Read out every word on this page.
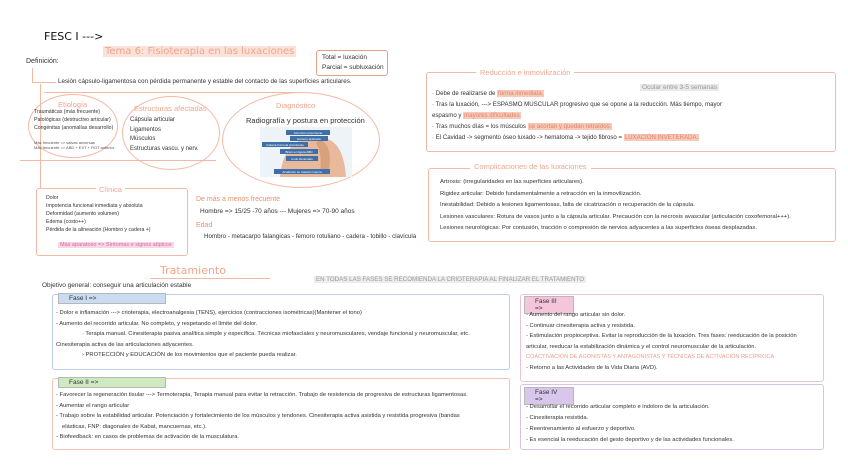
FESC I --->
Tema 6: Fisioterapia en las luxaciones
Total = luxación
Parcial = subluxación
Definición:
Lesión cápsulo-ligamentosa con pérdida permanente y estable del contacto de las superficies articulares.
Etiología
Traumáticas (más frecuente)
Patológicas (destructivo articular)
Congénitas (anomalías desarrollo)
Más frecuente => salvas anversas
Más frecuente => ABD + EXT + ROT anterior
Estructuras afectadas
Cápsula articular
Ligamentos
Músculos
Estructuras vascu. y nerv.
Diagnóstico
Radiografía y postura en protección
Acromion prominente
Húmero aplanado
Cabeza humeral prominente
Brazo en ligera ABD
Codo flexionado
Antebrazo en rotación interna
Clínica
Dolor
Impotencia funcional inmediata y absoluta
Deformidad (aumento volumen)
Edema (costo++)
Pérdida de la alineación (Hombro y cadera +)
Más aparatoso => Síntomas e signos atípicos
De más a menos frecuente
Hombre => 15/25 -70 años --- Mujeres => 70-90 años
Edad
Hombro - metacarpo falangicas - femoro rotuliano - cadera - tobillo - clavícula
Reducción e inmovilización
Ocular entre 3-5 semanas
· Debe de realizarse de forma inmediata.
· Tras la luxación, ---> ESPASMO MUSCULAR progresivo que se opone a la reducción. Más tiempo, mayor
espasmo y mayores dificultades
· Tras muchos días = los músculos se acortan y quedan retraídos.
· El Cavidad -> segmento óseo luxado -> hematoma -> tejido fibroso = LUXACIÓN INVETERADA.
Complicaciones de las luxaciones
Artrosis: (irregularidades en las superficies articulares).
Rigidez articular: Debido fundamentalmente a retracción en la inmovilización.
Inestabilidad: Debido a lesiones ligamentosas, falta de cicatrización o recuperación de la cápsula.
Lesiones vasculares: Rotura de vasos junto a la cápsula articular. Precaución con la necrosis avascular (articulación coxofemoral+++).
Lesiones neurológicas: Por contusión, tracción o compresión de nervios adyacentes a las superficies óseas desplazadas.
Tratamiento
Objetivo general: conseguir una articulación estable
EN TODAS LAS FASES SE RECOMIENDA LA CRIOTERAPIA AL FINALIZAR EL TRATAMIENTO
Fase I =>
- Dolor e inflamación ---> crioterapia, electroanalgesia (TENS), ejercicios (contracciones isométricas)(Mantener el tono)
- Aumento del recorrido articular. No completo, y respetando el límite del dolor.
· Terapia manual. Cinesiterapia pasiva analítica simple y específica. Técnicas miofasciales y neuromusculares, vendaje funcional y neuromuscular, etc.
Cinesiterapia activa de las articulaciones adyacentes.
› PROTECCIÓN y EDUCACIÓN de los movimientos que el paciente pueda realizar.
Fase II =>
- Favorecer la regeneración tisular ---> Termoterapia, Terapia manual para evitar la retracción. Trabajo de resistencia de progresiva de estructuras ligamentosas.
- Aumentar el rango articular
- Trabajo sobre la estabilidad articular. Potenciación y fortalecimiento de los músculos y tendones. Cinesiterapia activa asistida y resistida progresiva (bandas
elásticas, FNP: diagonales de Kabat, mancuernas, etc.).
- Biofeedback: en casos de problemas de activación de la musculatura.
Fase III =>
- Aumento del rango articular sin dolor.
- Continuar cinesiterapia activa y resistida.
- Estimulación propioceptiva. Evitar la reproducción de la luxación. Tres fases: reeducación de la posición
articular, reeducar la estabilización dinámica y el control neuromuscular de la articulación.
COACTIVACIÓN DE AGONISTAS Y ANTAGONISTAS Y TÉCNICAS DE ACTIVACIÓN RECÍPROCA
- Retorno a las Actividades de la Vida Diaria (AVD).
Fase IV =>
- Desarrollar el recorrido articular completo e indoloro de la articulación.
- Cinesiterapia resistida.
- Reentrenamiento al esfuerzo y deportivo.
- Es esencial la reeducación del gesto deportivo y de las actividades funcionales.
